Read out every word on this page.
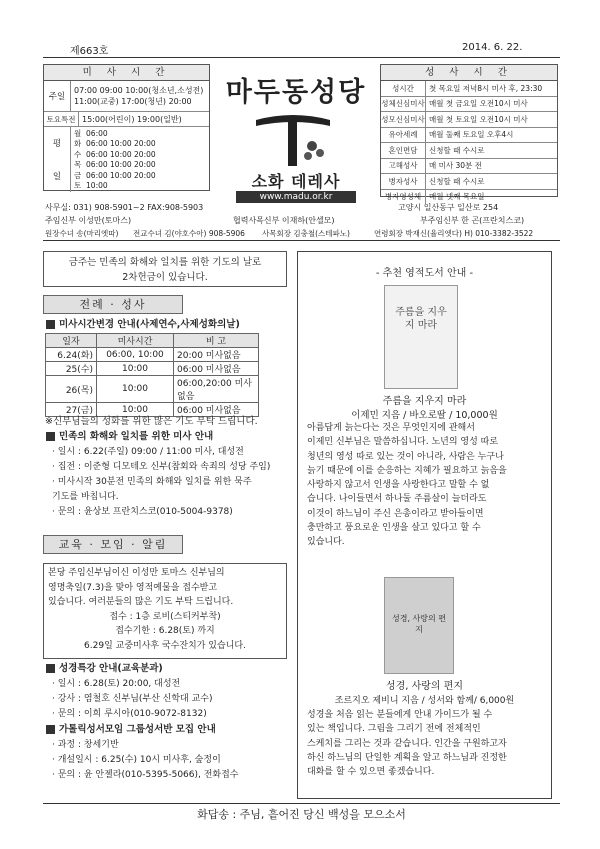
제663호	2014. 6. 22.
미 사 시 간
주일
07:00 09:00 10:00(청소년,소성전)
11:00(교중) 17:00(청년) 20:00
토요특전 15:00(어린이) 19:00(일반)
평
일
월 06:00
화 06:00 10:00 20:00
수 06:00 10:00 20:00
목 06:00 10:00 20:00
금 06:00 10:00 20:00
토 10:00
마두동성당
소화 데레사
www.madu.or.kr
성 사 시 간
성시간	첫 목요일 저녁8시 미사 후, 23:30
성체신심미사 매월 첫 금요일 오전10시 미사
성모신심미사 매월 첫 토요일 오전10시 미사
유아세례	매월 둘째 토요일 오후4시
혼인면담	신청할 때 수시로
고해성사	매 미사 30분 전
병자성사	신청할 때 수시로
병자영성체	매월 넷째 목요일
사무실: 031) 908-5901~2 FAX:908-5903	고양시 일산동구 일산로 254
주임신부 이성만(토마스)	협력사목신부 이재하(안셀모)	부주임신부 한 곤(프란치스코)
원장수녀 송(마리엣따) 전교수녀 김(야호수아) 908-5906 사목회장 김충철(스테파노)	연령회장 박재신(율리엣다) H) 010-3382-3522
금주는 민족의 화해와 일치를 위한 기도의 날로
2차헌금이 있습니다.
전례 · 성사
미사시간변경 안내(사제연수,사제성화의날)
일자	미사시간	비 고
6.24(화)	06:00, 10:00	20:00 미사없음
25(수)	10:00	06:00 미사없음
26(목)	10:00	06:00,20:00 미사없음
27(금)	10:00	06:00 미사없음
※신부님들의 성화를 위한 많은 기도 부탁 드립니다.
민족의 화해와 일치를 위한 미사 안내
· 일시 : 6.22(주일) 09:00 / 11:00 미사, 대성전
· 집전 : 이준형 디모테오 신부(참회와 속죄의 성당 주임)
· 미사시작 30분전 민족의 화해와 일치를 위한 묵주
기도를 바칩니다.
· 문의 : 윤상보 프란치스코(010-5004-9378)
교육 · 모임 · 알림
본당 주임신부님이신 이성만 토마스 신부님의
영명축일(7.3)을 맞아 영적예물을 접수받고
있습니다. 여러분들의 많은 기도 부탁 드립니다.
접수 : 1층 로비(스티커부착)
접수기한 : 6.28(토) 까지
6.29일 교중미사후 국수잔치가 있습니다.
성경특강 안내(교육분과)
· 일시 : 6.28(토) 20:00, 대성전
· 강사 : 염철호 신부님(부산 신학대 교수)
· 문의 : 이희 루시아(010-9072-8132)
가톨릭성서모임 그룹성서반 모집 안내
· 과정 : 창세기반
· 개설일시 : 6.25(수) 10시 미사후, 숲정이
· 문의 : 윤 안젤라(010-5395-5066), 전화접수
- 추천 영적도서 안내 -
주름을 지우지 마라
주름을 지우지 마라
이제민 지음 / 바오로딸 / 10,000원
아름답게 늙는다는 것은 무엇인지에 관해서
이제민 신부님은 말씀하십니다. 노년의 영성 따로
청년의 영성 따로 있는 것이 아니라, 사람은 누구나
늙기 때문에 이를 순응하는 지혜가 필요하고 늙음을
사랑하지 않고서 인생을 사랑한다고 말할 수 없
습니다. 나이들면서 하나둘 주름살이 늘더라도
이것이 하느님이 주신 은총이라고 받아들이면
충만하고 풍요로운 인생을 살고 있다고 할 수
있습니다.
성경, 사랑의 편지
성경, 사랑의 편지
조르지오 제비니 지음 / 성서와 함께/ 6,000원
성경을 처음 읽는 분들에게 안내 가이드가 될 수
있는 책입니다. 그림을 그리기 전에 전체적인
스케치를 그리는 것과 같습니다. 인간을 구원하고자
하신 하느님의 단일한 계획을 알고 하느님과 진정한
대화를 할 수 있으면 좋겠습니다.
화답송 : 주님, 흩어진 당신 백성을 모으소서
